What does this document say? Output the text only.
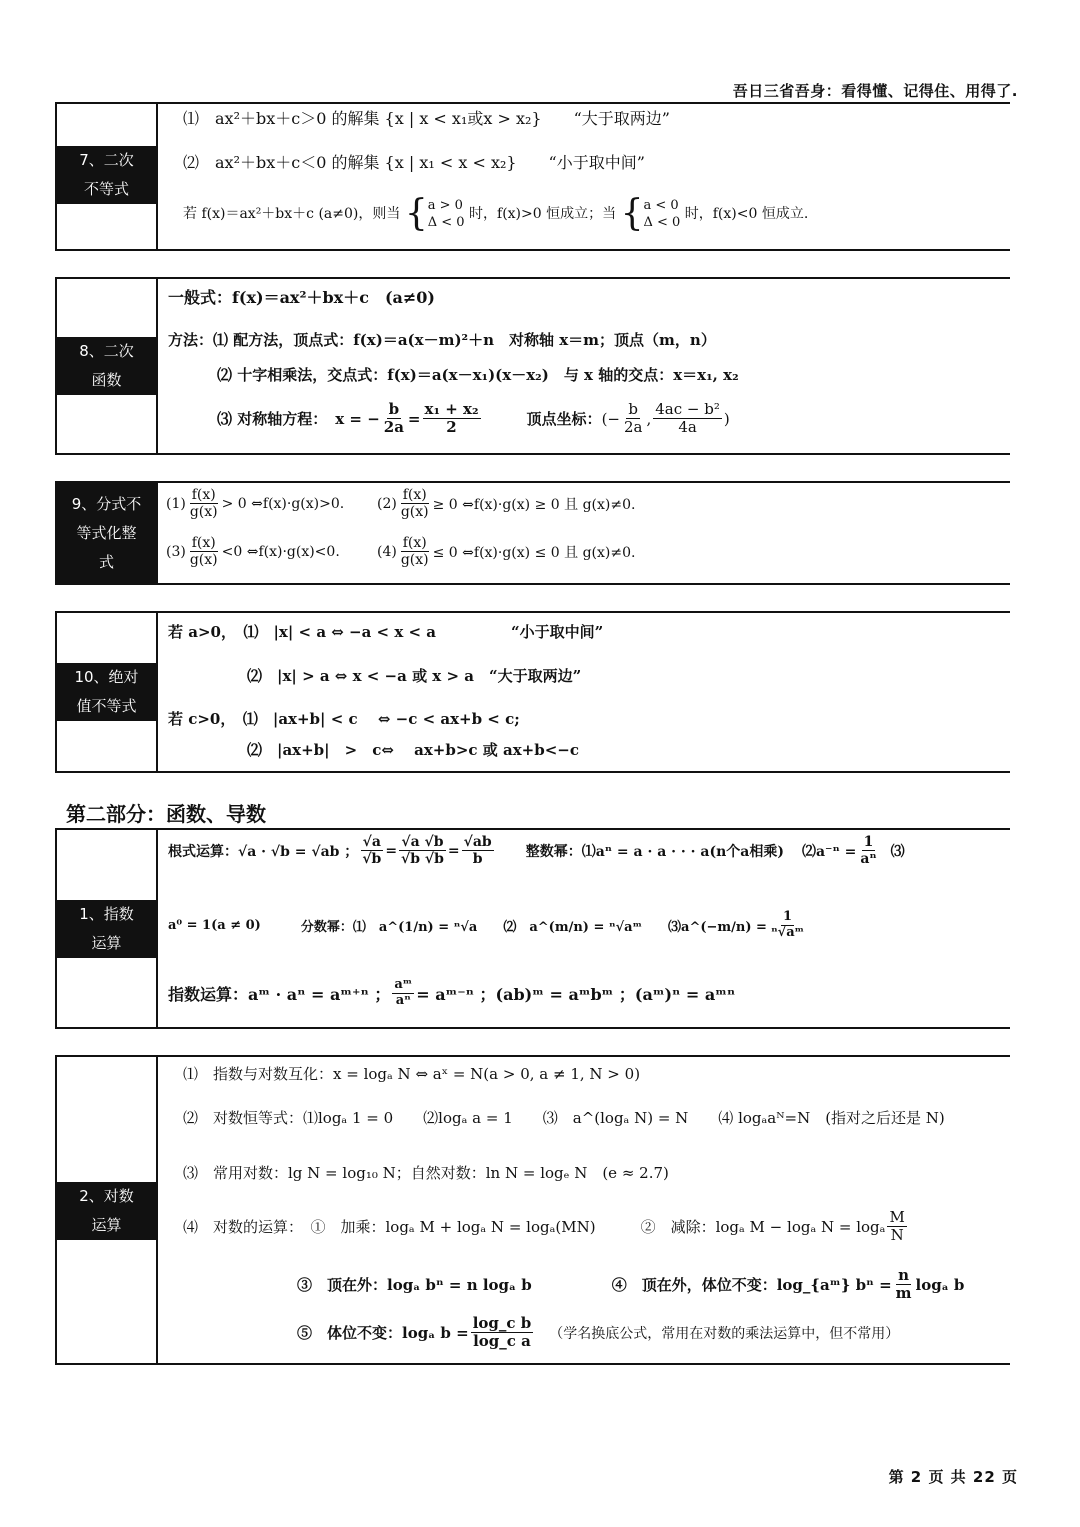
吾日三省吾身：看得懂、记得住、用得了.
7、二次不等式
⑴　ax²＋bx＋c＞0 的解集 {x | x < x₁或x > x₂}　　“大于取两边”
⑵　ax²＋bx＋c＜0 的解集 {x | x₁ < x < x₂}　　“小于取中间”
若 f(x)＝ax²＋bx＋c (a≠0)，则当 { a > 0
Δ < 0
时，f(x)>0 恒成立；当 { a < 0
Δ < 0
时，f(x)<0 恒成立.
8、二次函数
一般式：f(x)＝ax²＋bx＋c　(a≠0)
方法：⑴ 配方法，顶点式：f(x)＝a(x－m)²＋n　对称轴 x＝m；顶点（m，n）
⑵ 十字相乘法，交点式：f(x)＝a(x－x₁)(x－x₂)　与 x 轴的交点：x＝x₁, x₂
⑶ 对称轴方程： x = − $\frac{b}{2a} = \frac{\text{x₁ + x₂}}{2}$	顶点坐标： (− $\frac{b}{2a}$ , $\frac{\text{4ac − b²}}{4a}$ )
9、分式不等式化整式
$(1) \frac{f(x)}{g(x)} > 0$ ⇔f(x)·g(x)>0. $(2) \frac{f(x)}{g(x)} \ge 0$ ⇔f(x)·g(x) ≥ 0 且 g(x)≠0.
$(3) \frac{f(x)}{g(x)} <0$ ⇔f(x)·g(x)<0.	$(4) \frac{f(x)}{g(x)} \le 0$ ⇔f(x)·g(x) ≤ 0 且 g(x)≠0.
10、绝对值不等式
若 a>0，　⑴　|x| < a ⇔ −a < x < a　　　　　“小于取中间”
⑵　|x| > a ⇔ x < −a 或 x > a　“大于取两边”
若 c>0，　⑴　|ax+b| < c　 ⇔ −c < ax+b < c;
⑵　|ax+b|　>　c⇔　 ax+b>c 或 ax+b<−c
第二部分：函数、导数
1、指数运算
根式运算： √a · √b = √ab ； $\frac{√a}{√b} = \frac{√a √b}{√b √b} = \frac{√ab}{b}$ 整数幂：⑴aⁿ = a · a · · · a(n个a相乘) ⑵a⁻ⁿ = $\frac{1}{\text{aⁿ}}$ ⑶
a⁰ = 1(a ≠ 0)	分数幂：⑴　a^(1/n) = ⁿ√a　　⑵　a^(m/n) = ⁿ√aᵐ　　⑶a^(−m/n) = $\frac{1}{\text{ⁿ√aᵐ}}$
指数运算： aᵐ · aⁿ = aᵐ⁺ⁿ ； $\frac{\text{aᵐ}}{\text{aⁿ}}$ = aᵐ⁻ⁿ ；(ab)ᵐ = aᵐbᵐ ；(aᵐ)ⁿ = aᵐⁿ
2、对数运算
⑴　指数与对数互化：x = logₐ N ⇔ aˣ = N(a > 0, a ≠ 1, N > 0)
⑵　对数恒等式：⑴logₐ 1 = 0　　⑵logₐ a = 1　　⑶　a^(logₐ N) = N　　⑷ logₐaᴺ=N　(指对之后还是 N)
⑶　常用对数：lg N = log₁₀ N；自然对数：ln N = logₑ N　(e ≈ 2.7)
⑷　对数的运算：　①　加乘：logₐ M + logₐ N = logₐ(MN)　　　②　减除：logₐ M − logₐ N = logₐ $\frac{M}{N}$
③　顶在外：logₐ bⁿ = n logₐ b	④　顶在外，体位不变：log_{aᵐ} $b^n = \frac{n}{m}$ logₐ b
⑤　体位不变：logₐ $b = \frac{\text{log\_c b}}{\text{log\_c a}}$ （学名换底公式，常用在对数的乘法运算中，但不常用）
第 2 页 共 22 页
